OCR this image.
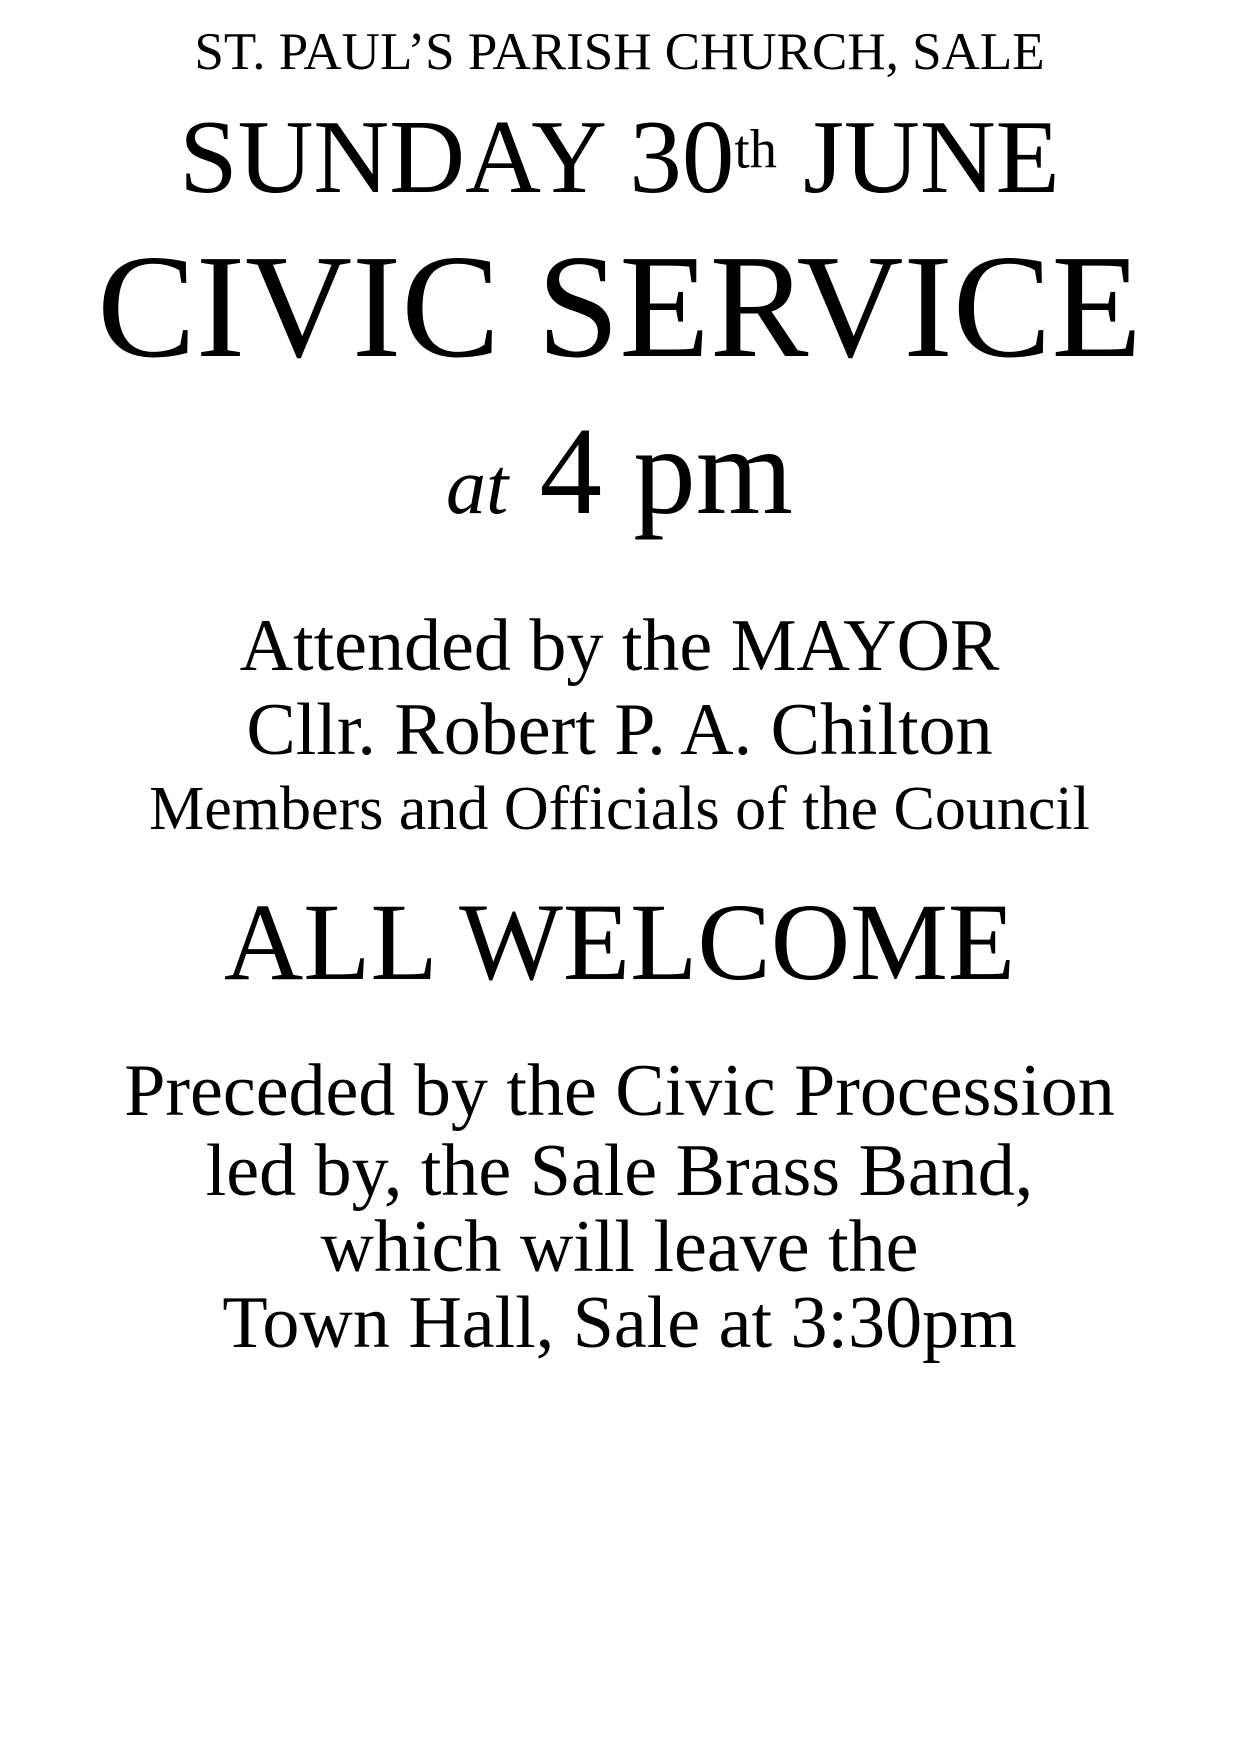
ST. PAUL’S PARISH CHURCH, SALE
SUNDAY 30th JUNE
CIVIC SERVICE
at 4 pm
Attended by the MAYOR
Cllr. Robert P. A. Chilton
Members and Officials of the Council
ALL WELCOME
Preceded by the Civic Procession
led by, the Sale Brass Band,
which will leave the
Town Hall, Sale at 3:30pm
